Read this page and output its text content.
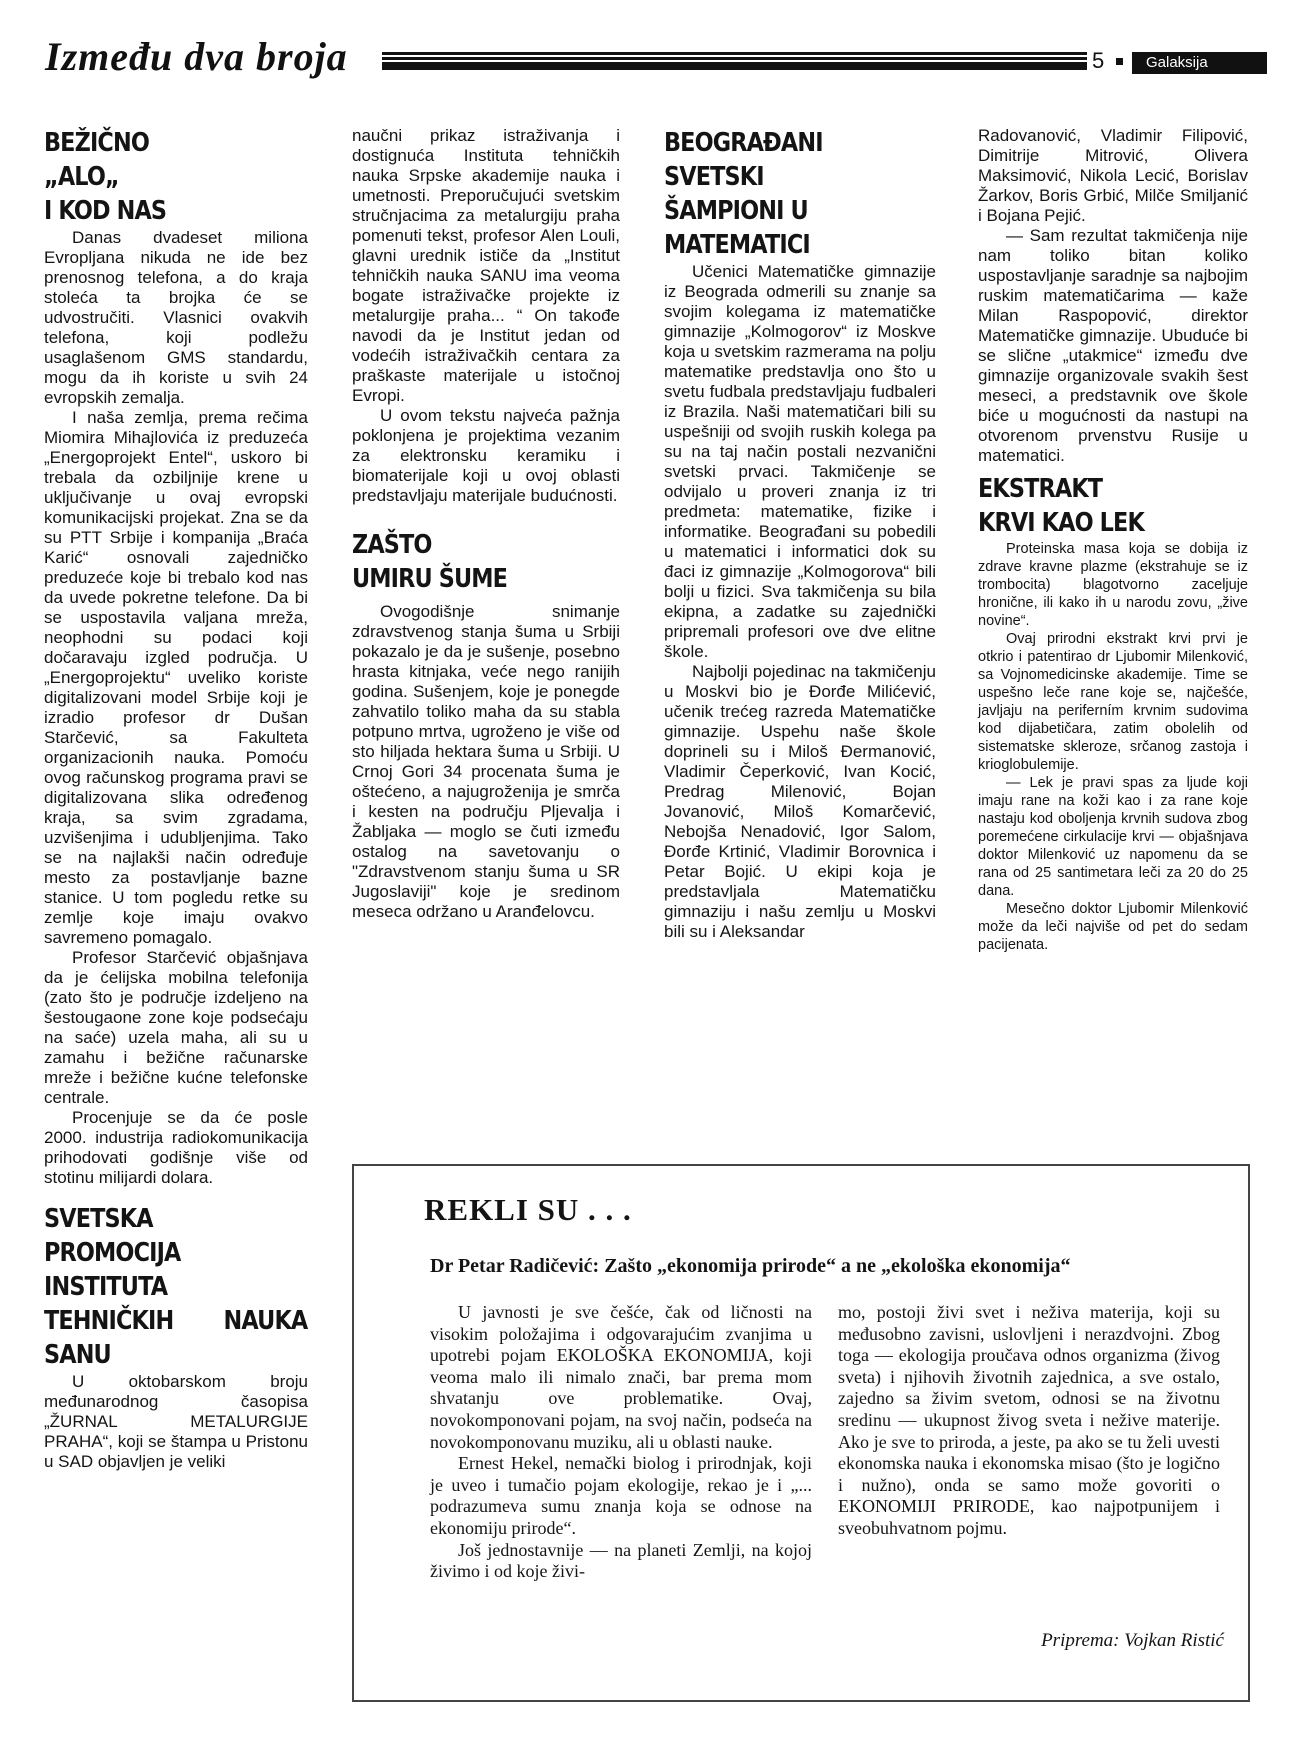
Između dva broja	5	Galaksija
BEŽIČNO
„ALO„
I KOD NAS

Danas dvadeset miliona Evropljana nikuda ne ide bez prenosnog telefona, a do kraja stoleća ta brojka će se udvostručiti. Vlasnici ovakvih telefona, koji podležu usaglašenom GMS standardu, mogu da ih koriste u svih 24 evropskih zemalja.

I naša zemlja, prema rečima Miomira Mihajlovića iz preduzeća „Energoprojekt Entel“, uskoro bi trebala da ozbiljnije krene u uključivanje u ovaj evropski komunikacijski projekat. Zna se da su PTT Srbije i kompanija „Braća Karić“ osnovali zajedničko preduzeće koje bi trebalo kod nas da uvede pokretne telefone. Da bi se uspostavila valjana mreža, neophodni su podaci koji dočaravaju izgled područja. U „Energoprojektu“ uveliko koriste digitalizovani model Srbije koji je izradio profesor dr Dušan Starčević, sa Fakulteta organizacionih nauka. Pomoću ovog računskog programa pravi se digitalizovana slika određenog kraja, sa svim zgradama, uzvišenjima i udubljenjima. Tako se na najlakši način određuje mesto za postavljanje bazne stanice. U tom pogledu retke su zemlje koje imaju ovakvo savremeno pomagalo.

Profesor Starčević objašnjava da je ćelijska mobilna telefonija (zato što je područje izdeljeno na šestougaone zone koje podsećaju na saće) uzela maha, ali su u zamahu i bežične računarske mreže i bežične kućne telefonske centrale.

Procenjuje se da će posle 2000. industrija radiokomunikacija prihodovati godišnje više od stotinu milijardi dolara.

SVETSKA
PROMOCIJA
INSTITUTA
TEHNIČKIH NAUKA
SANU

U oktobarskom broju međunarodnog časopisa „ŽURNAL METALURGIJE PRAHA“, koji se štampa u Pristonu u SAD objavljen je veliki

naučni prikaz istraživanja i dostignuća Instituta tehničkih nauka Srpske akademije nauka i umetnosti. Preporučujući svetskim stručnjacima za metalurgiju praha pomenuti tekst, profesor Alen Louli, glavni urednik ističe da „Institut tehničkih nauka SANU ima veoma bogate istraživačke projekte iz metalurgije praha... “ On takođe navodi da je Institut jedan od vodećih istraživačkih centara za praškaste materijale u istočnoj Evropi.

U ovom tekstu najveća pažnja poklonjena je projektima vezanim za elektronsku keramiku i biomaterijale koji u ovoj oblasti predstavljaju materijale budućnosti.

ZAŠTO
UMIRU ŠUME

Ovogodišnje snimanje zdravstvenog stanja šuma u Srbiji pokazalo je da je sušenje, posebno hrasta kitnjaka, veće nego ranijih godina. Sušenjem, koje je ponegde zahvatilo toliko maha da su stabla potpuno mrtva, ugroženo je više od sto hiljada hektara šuma u Srbiji. U Crnoj Gori 34 procenata šuma je oštećeno, a najugroženija je smrča i kesten na području Pljevalja i Žabljaka — moglo se čuti između ostalog na savetovanju o "Zdravstvenom stanju šuma u SR Jugoslaviji" koje je sredinom meseca održano u Aranđelovcu.

BEOGRAĐANI
SVETSKI
ŠAMPIONI U
MATEMATICI

Učenici Matematičke gimnazije iz Beograda odmerili su znanje sa svojim kolegama iz matematičke gimnazije „Kolmogorov“ iz Moskve koja u svetskim razmerama na polju matematike predstavlja ono što u svetu fudbala predstavljaju fudbaleri iz Brazila. Naši matematičari bili su uspešniji od svojih ruskih kolega pa su na taj način postali nezvanični svetski prvaci. Takmičenje se odvijalo u proveri znanja iz tri predmeta: matematike, fizike i informatike. Beograđani su pobedili u matematici i informatici dok su đaci iz gimnazije „Kolmogorova“ bili bolji u fizici. Sva takmičenja su bila ekipna, a zadatke su zajednički pripremali profesori ove dve elitne škole.

Najbolji pojedinac na takmičenju u Moskvi bio je Đorđe Milićević, učenik trećeg razreda Matematičke gimnazije. Uspehu naše škole doprineli su i Miloš Đermanović, Vladimir Čeperković, Ivan Kocić, Predrag Milenović, Bojan Jovanović, Miloš Komarčević, Nebojša Nenadović, Igor Salom, Đorđe Krtinić, Vladimir Borovnica i Petar Bojić. U ekipi koja je predstavljala Matematičku gimnaziju i našu zemlju u Moskvi bili su i Aleksandar

Radovanović, Vladimir Filipović, Dimitrije Mitrović, Olivera Maksimović, Nikola Lecić, Borislav Žarkov, Boris Grbić, Milče Smiljanić i Bojana Pejić.

— Sam rezultat takmičenja nije nam toliko bitan koliko uspostavljanje saradnje sa najbojim ruskim matematičarima — kaže Milan Raspopović, direktor Matematičke gimnazije. Ubuduće bi se slične „utakmice“ između dve gimnazije organizovale svakih šest meseci, a predstavnik ove škole biće u mogućnosti da nastupi na otvorenom prvenstvu Rusije u matematici.

EKSTRAKT
KRVI KAO LEK

Proteinska masa koja se dobija iz zdrave kravne plazme (ekstrahuje se iz trombocita) blagotvorno zaceljuje hronične, ili kako ih u narodu zovu, „žive novine“.

Ovaj prirodni ekstrakt krvi prvi je otkrio i patentirao dr Ljubomir Milenković, sa Vojnomedicinske akademije. Time se uspešno leče rane koje se, najčešće, javljaju na periferním krvnim sudovima kod dijabetičara, zatim obolelih od sistematske skleroze, srčanog zastoja i krioglobulemije.

— Lek je pravi spas za ljude koji imaju rane na koži kao i za rane koje nastaju kod oboljenja krvnih sudova zbog poremećene cirkulacije krvi — objašnjava doktor Milenković uz napomenu da se rana od 25 santimetara leči za 20 do 25 dana.

Mesečno doktor Ljubomir Milenković može da leči najviše od pet do sedam pacijenata.

REKLI SU . . .
Dr Petar Radičević: Zašto „ekonomija prirode“ a ne „ekološka ekonomija“

U javnosti je sve češće, čak od ličnosti na visokim položajima i odgovarajućim zvanjima u upotrebi pojam EKOLOŠKA EKONOMIJA, koji veoma malo ili nimalo znači, bar prema mom shvatanju ove problematike. Ovaj, novokomponovani pojam, na svoj način, podseća na novokomponovanu muziku, ali u oblasti nauke.

Ernest Hekel, nemački biolog i prirodnjak, koji je uveo i tumačio pojam ekologije, rekao je i „... podrazumeva sumu znanja koja se odnose na ekonomiju prirode“.

Još jednostavnije — na planeti Zemlji, na kojoj živimo i od koje živi-

mo, postoji živi svet i neživa materija, koji su međusobno zavisni, uslovljeni i nerazdvojni. Zbog toga — ekologija proučava odnos organizma (živog sveta) i njihovih životnih zajednica, a sve ostalo, zajedno sa živim svetom, odnosi se na životnu sredinu — ukupnost živog sveta i nežive materije. Ako je sve to priroda, a jeste, pa ako se tu želi uvesti ekonomska nauka i ekonomska misao (što je logično i nužno), onda se samo može govoriti o EKONOMIJI PRIRODE, kao najpotpunijem i sveobuhvatnom pojmu.

Priprema: Vojkan Ristić
